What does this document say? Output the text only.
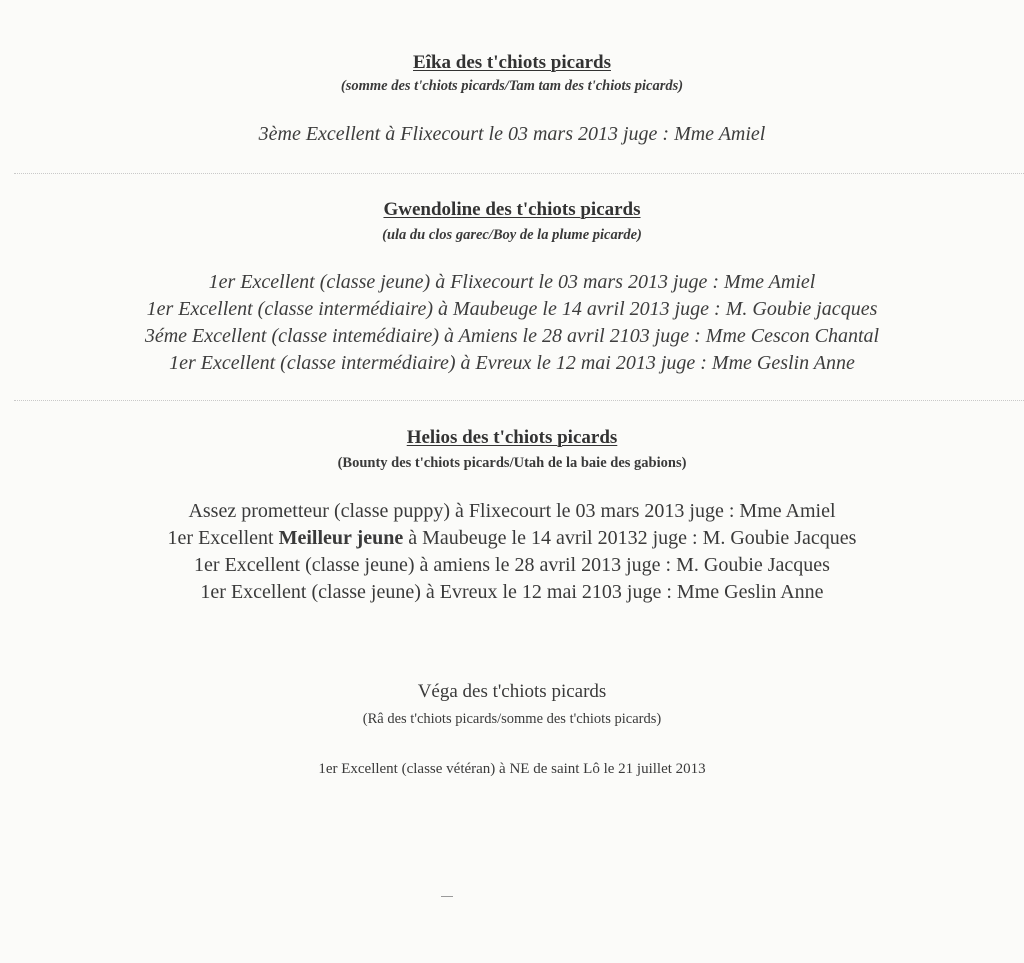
Eîka des t'chiots picards
(somme des t'chiots picards/Tam tam des t'chiots picards)
3ème Excellent à Flixecourt le 03 mars 2013 juge : Mme Amiel
Gwendoline des t'chiots picards
(ula du clos garec/Boy de la plume picarde)
1er Excellent (classe jeune) à Flixecourt le 03 mars 2013 juge : Mme Amiel
1er Excellent (classe intermédiaire) à Maubeuge le 14 avril 2013 juge : M. Goubie jacques
3éme Excellent (classe intemédiaire) à Amiens le 28 avril 2103 juge : Mme Cescon Chantal
1er Excellent (classe intermédiaire) à Evreux le 12 mai 2013 juge : Mme Geslin Anne
Helios des t'chiots picards
(Bounty des t'chiots picards/Utah de la baie des gabions)
Assez prometteur (classe puppy) à Flixecourt le 03 mars 2013 juge : Mme Amiel
1er Excellent Meilleur jeune à Maubeuge le 14 avril 20132 juge : M. Goubie Jacques
1er Excellent (classe jeune) à amiens le 28 avril 2013 juge : M. Goubie Jacques
1er Excellent (classe jeune) à Evreux le 12 mai 2103 juge : Mme Geslin Anne
Véga des t'chiots picards
(Râ des t'chiots picards/somme des t'chiots picards)
1er Excellent (classe vétéran) à NE de saint Lô le 21 juillet 2013
